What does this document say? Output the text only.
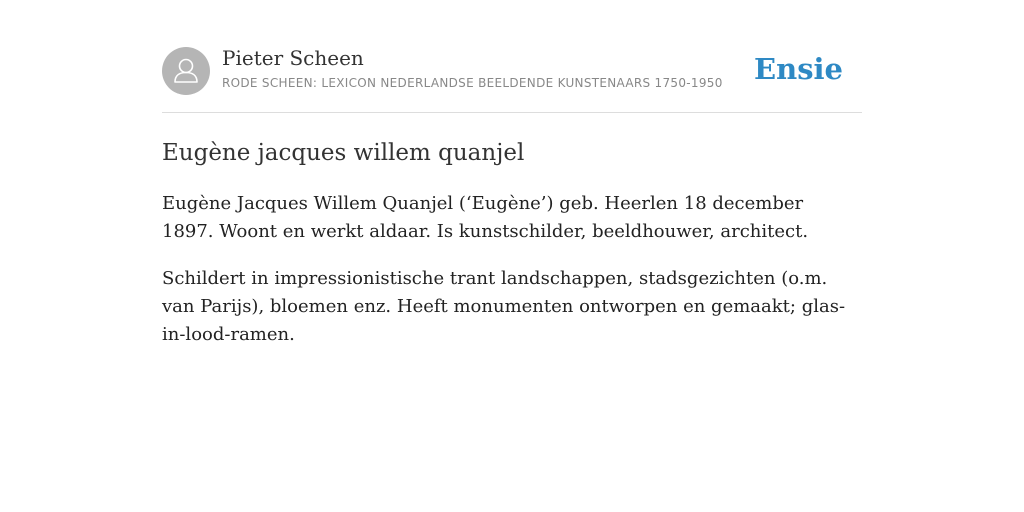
Pieter Scheen
RODE SCHEEN: LEXICON NEDERLANDSE BEELDENDE KUNSTENAARS 1750-1950 Ensie
Eugène jacques willem quanjel

Eugène Jacques Willem Quanjel (‘Eugène’) geb. Heerlen 18 december 1897. Woont en werkt aldaar. Is kunstschilder, beeldhouwer, architect.

Schildert in impressionistische trant landschappen, stadsgezichten (o.m. van Parijs), bloemen enz. Heeft monumenten ontworpen en gemaakt; glas-in-lood-ramen.
